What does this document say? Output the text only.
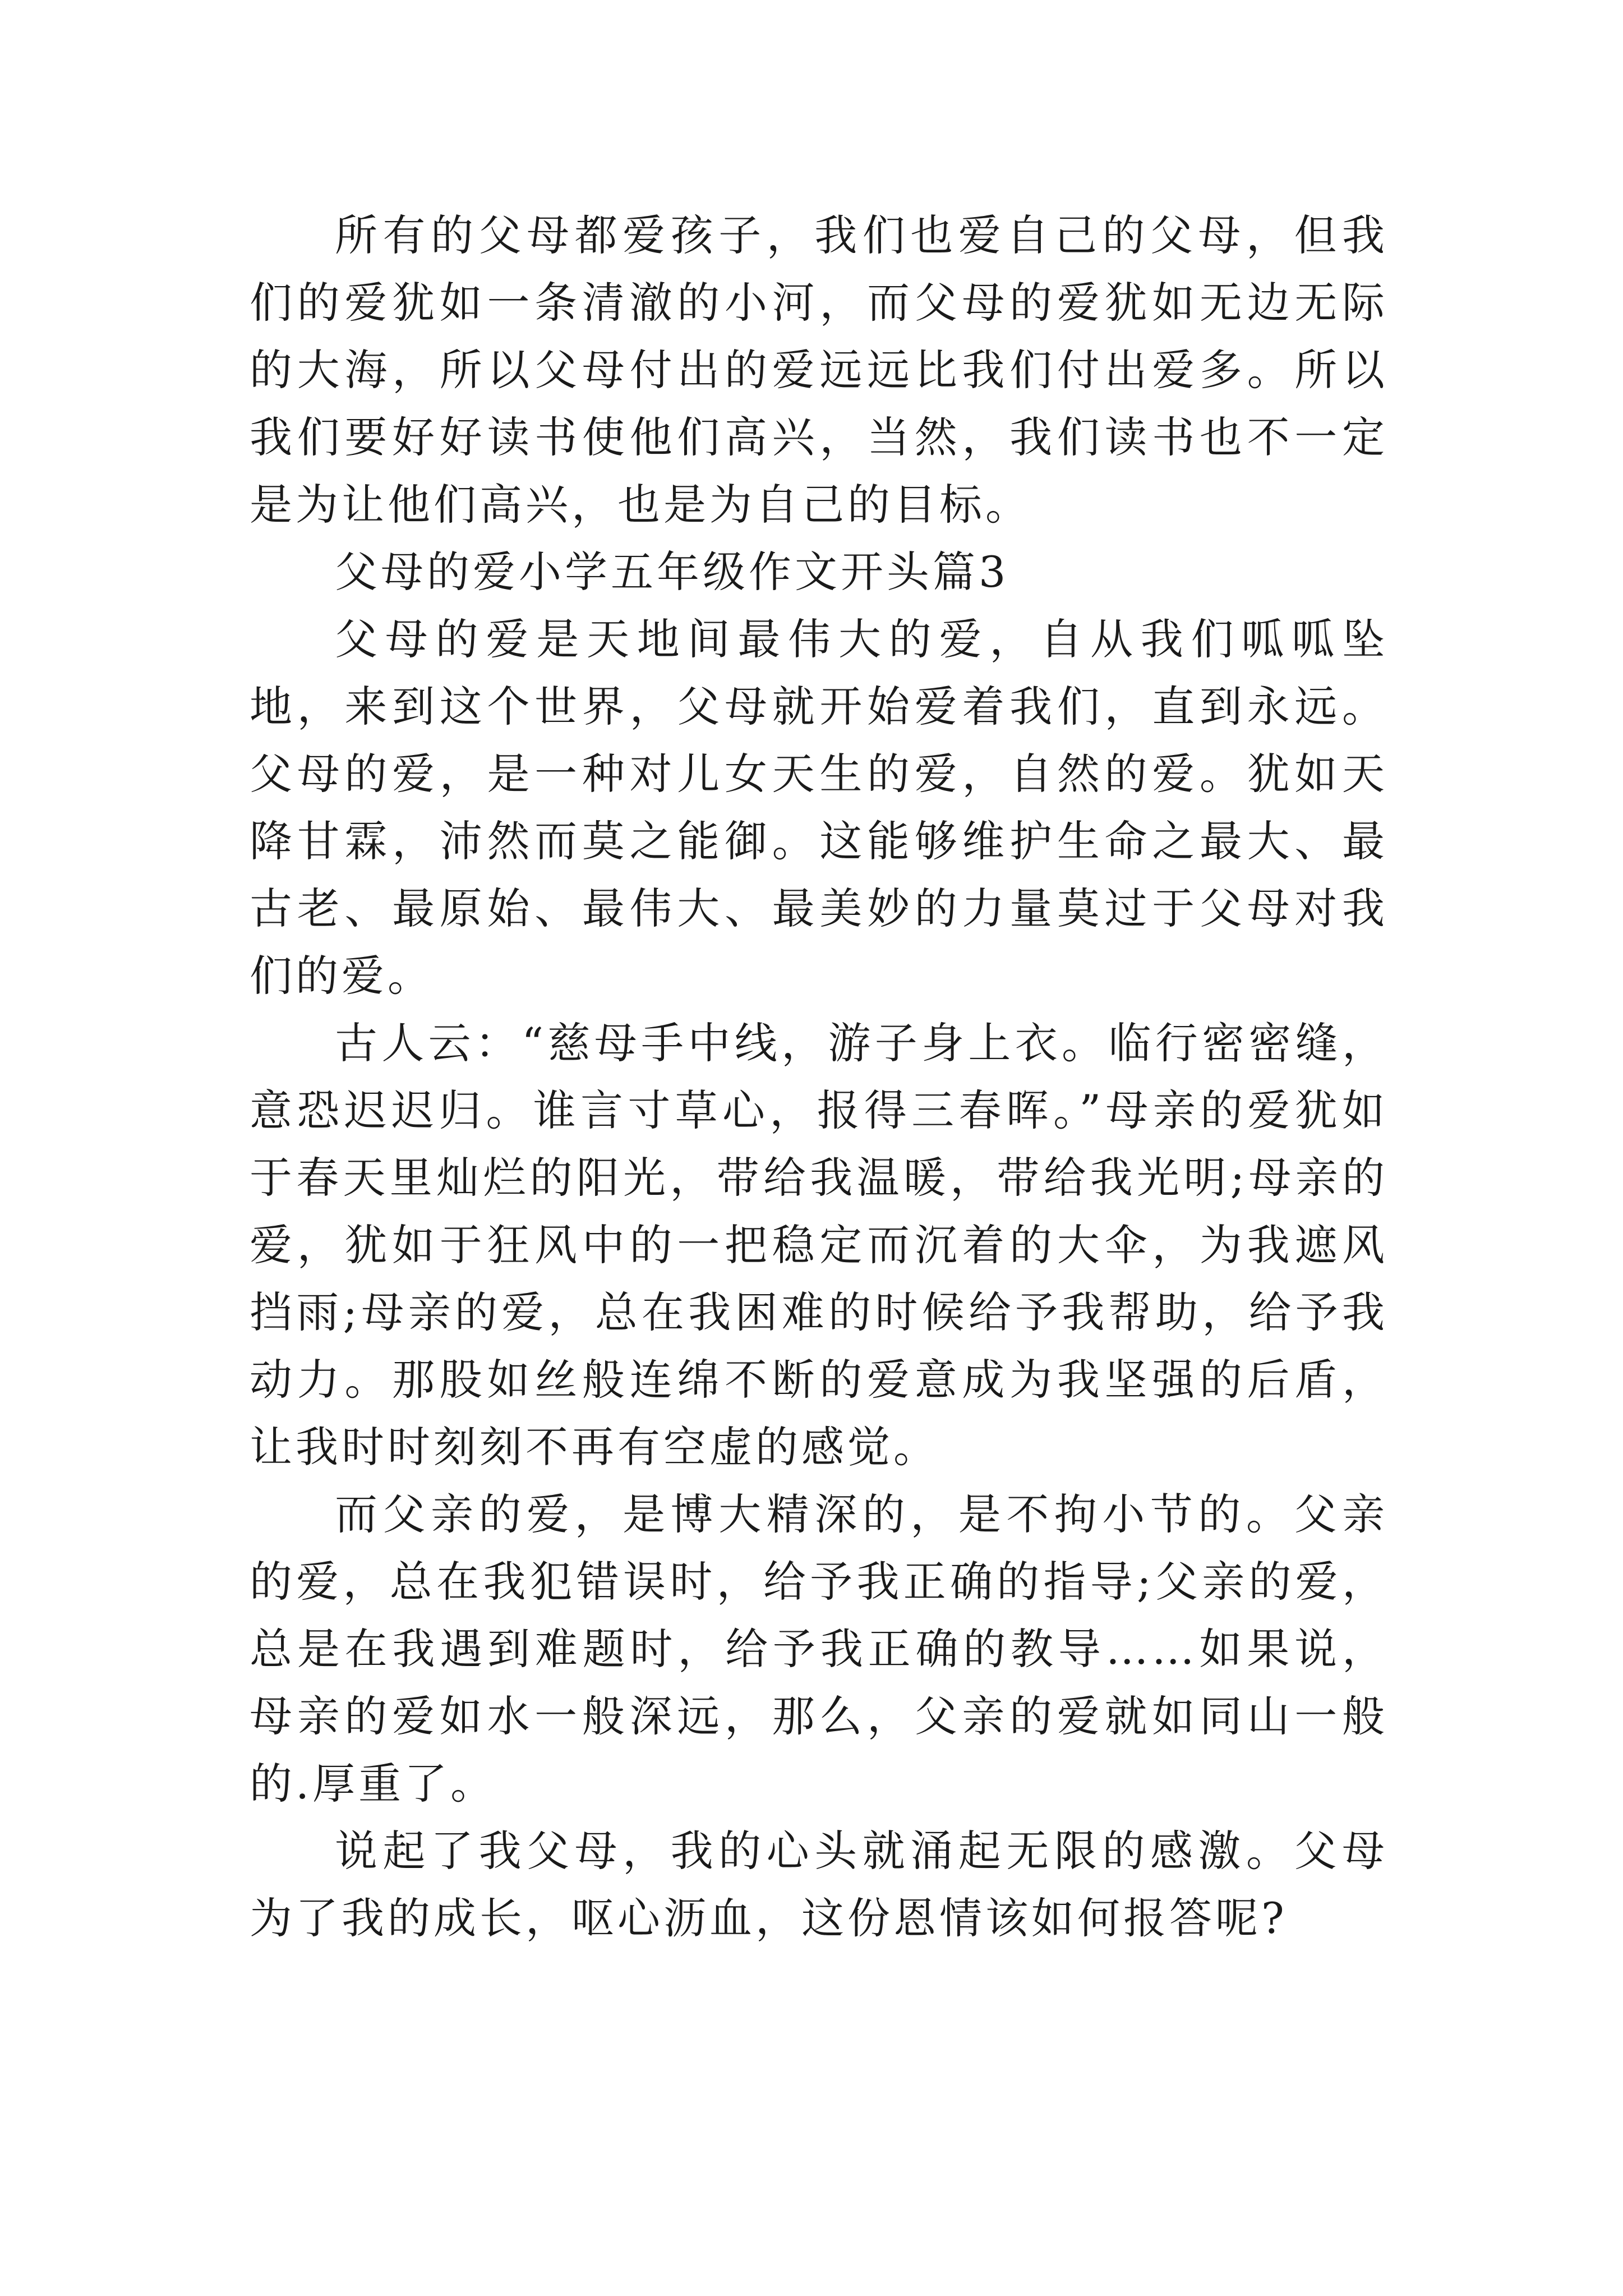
所有的父母都爱孩子，我们也爱自己的父母，但我们的爱犹如一条清澈的小河，而父母的爱犹如无边无际的大海，所以父母付出的爱远远比我们付出爱多。所以我们要好好读书使他们高兴，当然，我们读书也不一定是为让他们高兴，也是为自己的目标。

父母的爱小学五年级作文开头篇3

父母的爱是天地间最伟大的爱，自从我们呱呱坠地，来到这个世界，父母就开始爱着我们，直到永远。父母的爱，是一种对儿女天生的爱，自然的爱。犹如天降甘霖，沛然而莫之能御。这能够维护生命之最大、最古老、最原始、最伟大、最美妙的力量莫过于父母对我们的爱。

古人云：“慈母手中线，游子身上衣。临行密密缝，意恐迟迟归。谁言寸草心，报得三春晖。”母亲的爱犹如于春天里灿烂的阳光，带给我温暖，带给我光明;母亲的爱，犹如于狂风中的一把稳定而沉着的大伞，为我遮风挡雨;母亲的爱，总在我困难的时候给予我帮助，给予我动力。那股如丝般连绵不断的爱意成为我坚强的后盾，让我时时刻刻不再有空虚的感觉。

而父亲的爱，是博大精深的，是不拘小节的。父亲的爱，总在我犯错误时，给予我正确的指导;父亲的爱，总是在我遇到难题时，给予我正确的教导……如果说，母亲的爱如水一般深远，那么，父亲的爱就如同山一般的.厚重了。

说起了我父母，我的心头就涌起无限的感激。父母为了我的成长，呕心沥血，这份恩情该如何报答呢?
